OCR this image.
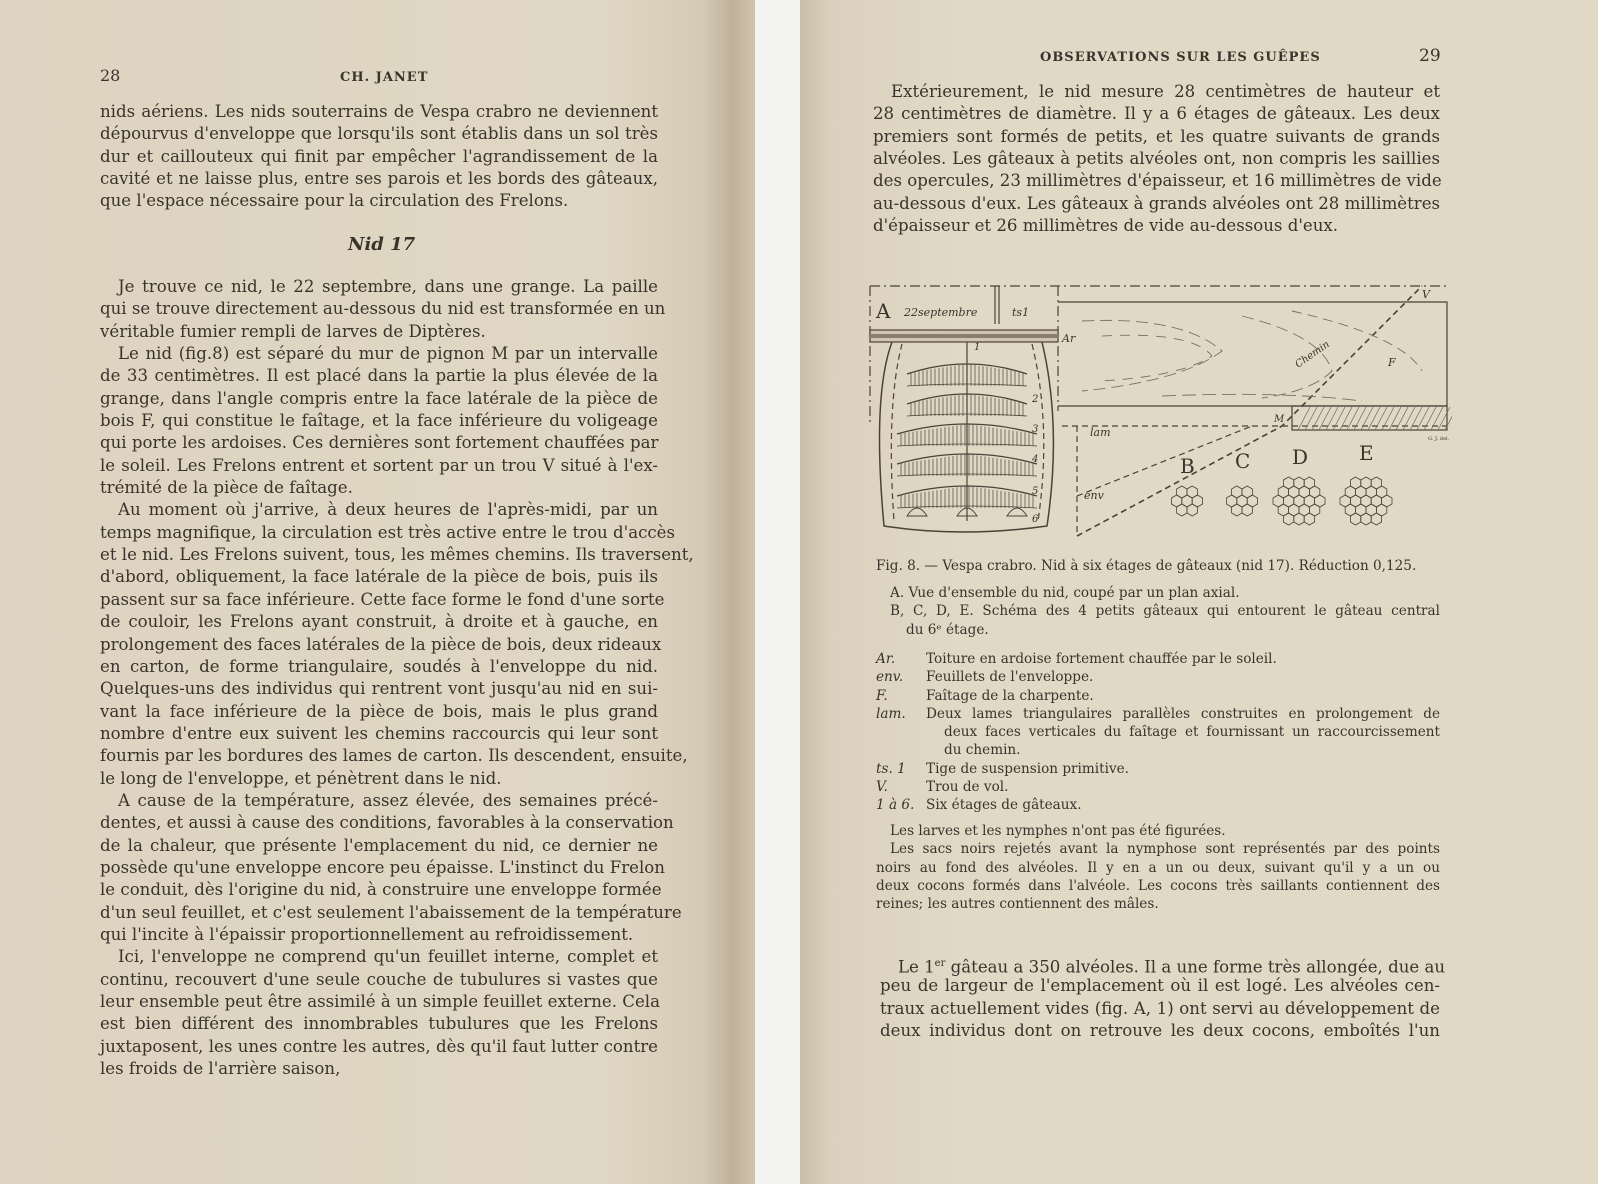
28	CH. JANET
nids aériens. Les nids souterrains de Vespa crabro ne deviennent
dépourvus d'enveloppe que lorsqu'ils sont établis dans un sol très
dur et caillouteux qui finit par empêcher l'agrandissement de la
cavité et ne laisse plus, entre ses parois et les bords des gâteaux,
que l'espace nécessaire pour la circulation des Frelons.
Nid 17
Je trouve ce nid, le 22 septembre, dans une grange. La paille
qui se trouve directement au-dessous du nid est transformée en un
véritable fumier rempli de larves de Diptères.
Le nid (fig.8) est séparé du mur de pignon M par un intervalle
de 33 centimètres. Il est placé dans la partie la plus élevée de la
grange, dans l'angle compris entre la face latérale de la pièce de
bois F, qui constitue le faîtage, et la face inférieure du voligeage
qui porte les ardoises. Ces dernières sont fortement chauffées par
le soleil. Les Frelons entrent et sortent par un trou V situé à l'ex-
trémité de la pièce de faîtage.
Au moment où j'arrive, à deux heures de l'après-midi, par un
temps magnifique, la circulation est très active entre le trou d'accès
et le nid. Les Frelons suivent, tous, les mêmes chemins. Ils traversent,
d'abord, obliquement, la face latérale de la pièce de bois, puis ils
passent sur sa face inférieure. Cette face forme le fond d'une sorte
de couloir, les Frelons ayant construit, à droite et à gauche, en
prolongement des faces latérales de la pièce de bois, deux rideaux
en carton, de forme triangulaire, soudés à l'enveloppe du nid.
Quelques-uns des individus qui rentrent vont jusqu'au nid en sui-
vant la face inférieure de la pièce de bois, mais le plus grand
nombre d'entre eux suivent les chemins raccourcis qui leur sont
fournis par les bordures des lames de carton. Ils descendent, ensuite,
le long de l'enveloppe, et pénètrent dans le nid.
A cause de la température, assez élevée, des semaines précé-
dentes, et aussi à cause des conditions, favorables à la conservation
de la chaleur, que présente l'emplacement du nid, ce dernier ne
possède qu'une enveloppe encore peu épaisse. L'instinct du Frelon
le conduit, dès l'origine du nid, à construire une enveloppe formée
d'un seul feuillet, et c'est seulement l'abaissement de la température
qui l'incite à l'épaissir proportionnellement au refroidissement.
Ici, l'enveloppe ne comprend qu'un feuillet interne, complet et
continu, recouvert d'une seule couche de tubulures si vastes que
leur ensemble peut être assimilé à un simple feuillet externe. Cela
est bien différent des innombrables tubulures que les Frelons
juxtaposent, les unes contre les autres, dès qu'il faut lutter contre
les froids de l'arrière saison,
OBSERVATIONS SUR LES GUÊPES	29
Extérieurement, le nid mesure 28 centimètres de hauteur et
28 centimètres de diamètre. Il y a 6 étages de gâteaux. Les deux
premiers sont formés de petits, et les quatre suivants de grands
alvéoles. Les gâteaux à petits alvéoles ont, non compris les saillies
des opercules, 23 millimètres d'épaisseur, et 16 millimètres de vide
au-dessous d'eux. Les gâteaux à grands alvéoles ont 28 millimètres
d'épaisseur et 26 millimètres de vide au-dessous d'eux.
A 22septembre	ts1
Ar
Chemin	F
V
M
lam
env
G. J. del.
1
2
3
4
5
6
B C D	E
Fig. 8. — Vespa crabro. Nid à six étages de gâteaux (nid 17). Réduction 0,125.
A. Vue d'ensemble du nid, coupé par un plan axial.
B, C, D, E. Schéma des 4 petits gâteaux qui entourent le gâteau central
du 6ᵉ étage.
Ar. Toiture en ardoise fortement chauffée par le soleil.
env. Feuillets de l'enveloppe.
F.	Faîtage de la charpente.
lam. Deux lames triangulaires parallèles construites en prolongement de
deux faces verticales du faîtage et fournissant un raccourcissement
du chemin.
ts. 1 Tige de suspension primitive.
V.	Trou de vol.
1 à 6. Six étages de gâteaux.
Les larves et les nymphes n'ont pas été figurées.
Les sacs noirs rejetés avant la nymphose sont représentés par des points
noirs au fond des alvéoles. Il y en a un ou deux, suivant qu'il y a un ou
deux cocons formés dans l'alvéole. Les cocons très saillants contiennent des
reines; les autres contiennent des mâles.
Le 1er gâteau a 350 alvéoles. Il a une forme très allongée, due au
peu de largeur de l'emplacement où il est logé. Les alvéoles cen-
traux actuellement vides (fig. A, 1) ont servi au développement de
deux individus dont on retrouve les deux cocons, emboîtés l'un
